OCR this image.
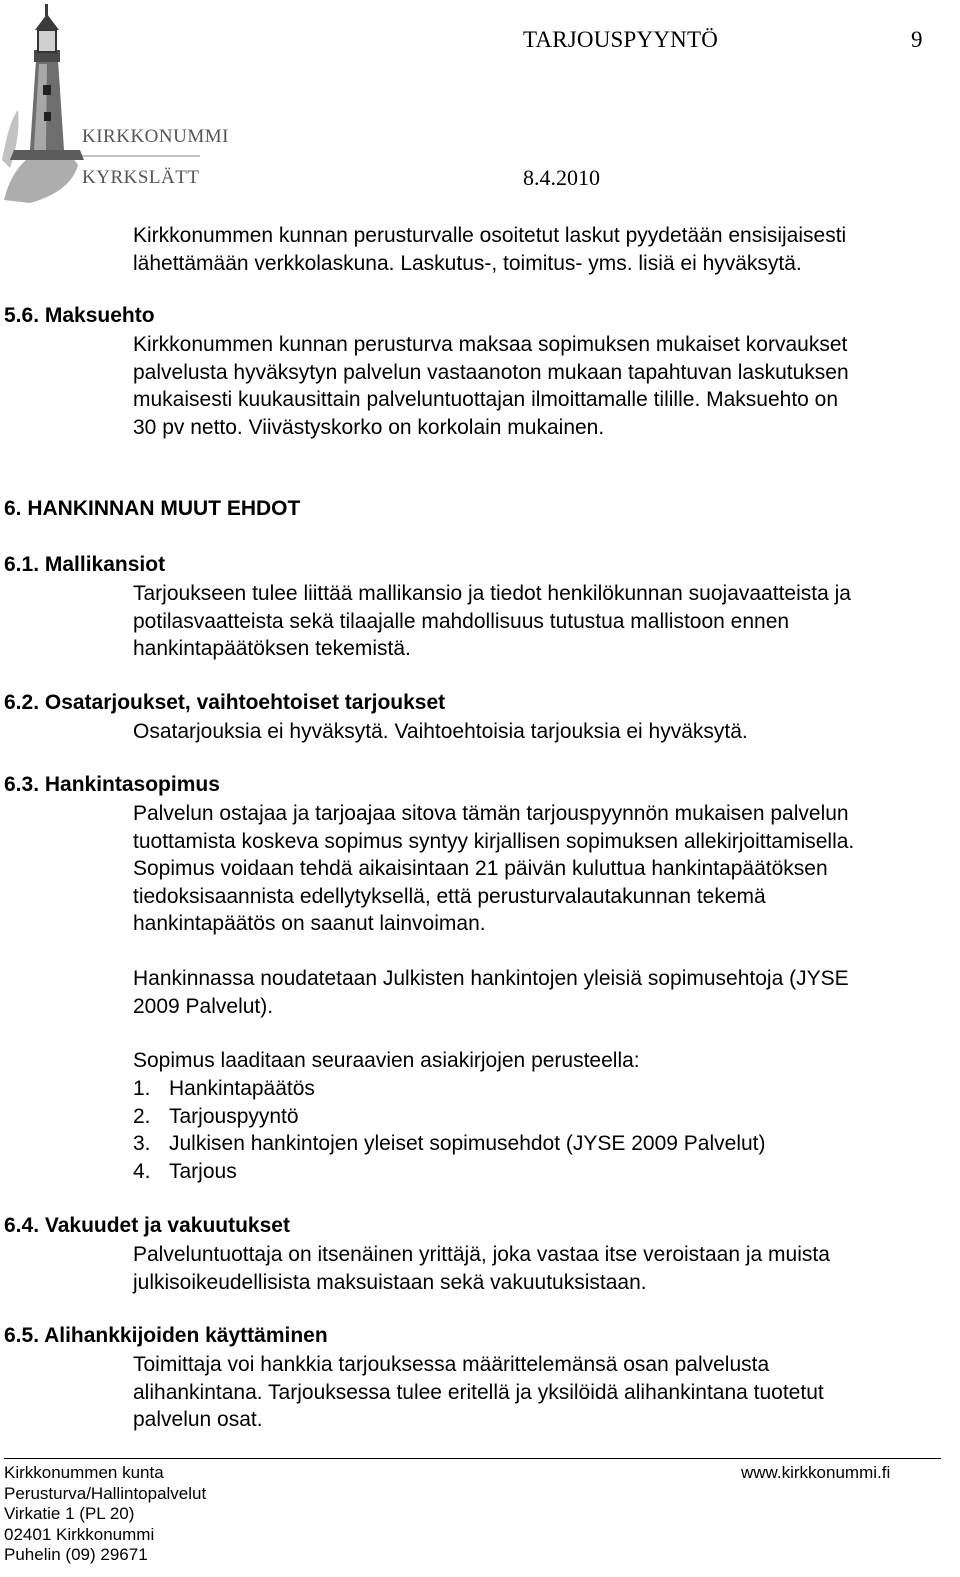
KIRKKONUMMI
KYRKSLÄTT
TARJOUSPYYNTÖ	9
8.4.2010
Kirkkonummen kunnan perusturvalle osoitetut laskut pyydetään ensisijaisesti
lähettämään verkkolaskuna. Laskutus-, toimitus- yms. lisiä ei hyväksytä.
5.6. Maksuehto
Kirkkonummen kunnan perusturva maksaa sopimuksen mukaiset korvaukset
palvelusta hyväksytyn palvelun vastaanoton mukaan tapahtuvan laskutuksen
mukaisesti kuukausittain palveluntuottajan ilmoittamalle tilille. Maksuehto on
30 pv netto. Viivästyskorko on korkolain mukainen.
6. HANKINNAN MUUT EHDOT
6.1. Mallikansiot
Tarjoukseen tulee liittää mallikansio ja tiedot henkilökunnan suojavaatteista ja
potilasvaatteista sekä tilaajalle mahdollisuus tutustua mallistoon ennen
hankintapäätöksen tekemistä.
6.2. Osatarjoukset, vaihtoehtoiset tarjoukset
Osatarjouksia ei hyväksytä. Vaihtoehtoisia tarjouksia ei hyväksytä.
6.3. Hankintasopimus
Palvelun ostajaa ja tarjoajaa sitova tämän tarjouspyynnön mukaisen palvelun
tuottamista koskeva sopimus syntyy kirjallisen sopimuksen allekirjoittamisella.
Sopimus voidaan tehdä aikaisintaan 21 päivän kuluttua hankintapäätöksen
tiedoksisaannista edellytyksellä, että perusturvalautakunnan tekemä
hankintapäätös on saanut lainvoiman.
Hankinnassa noudatetaan Julkisten hankintojen yleisiä sopimusehtoja (JYSE
2009 Palvelut).
Sopimus laaditaan seuraavien asiakirjojen perusteella:
1. Hankintapäätös
2. Tarjouspyyntö
3. Julkisen hankintojen yleiset sopimusehdot (JYSE 2009 Palvelut)
4. Tarjous
6.4. Vakuudet ja vakuutukset
Palveluntuottaja on itsenäinen yrittäjä, joka vastaa itse veroistaan ja muista
julkisoikeudellisista maksuistaan sekä vakuutuksistaan.
6.5. Alihankkijoiden käyttäminen
Toimittaja voi hankkia tarjouksessa määrittelemänsä osan palvelusta
alihankintana. Tarjouksessa tulee eritellä ja yksilöidä alihankintana tuotetut
palvelun osat.
Kirkkonummen kunta
Perusturva/Hallintopalvelut
Virkatie 1 (PL 20)
02401 Kirkkonummi
Puhelin (09) 29671
www.kirkkonummi.fi
